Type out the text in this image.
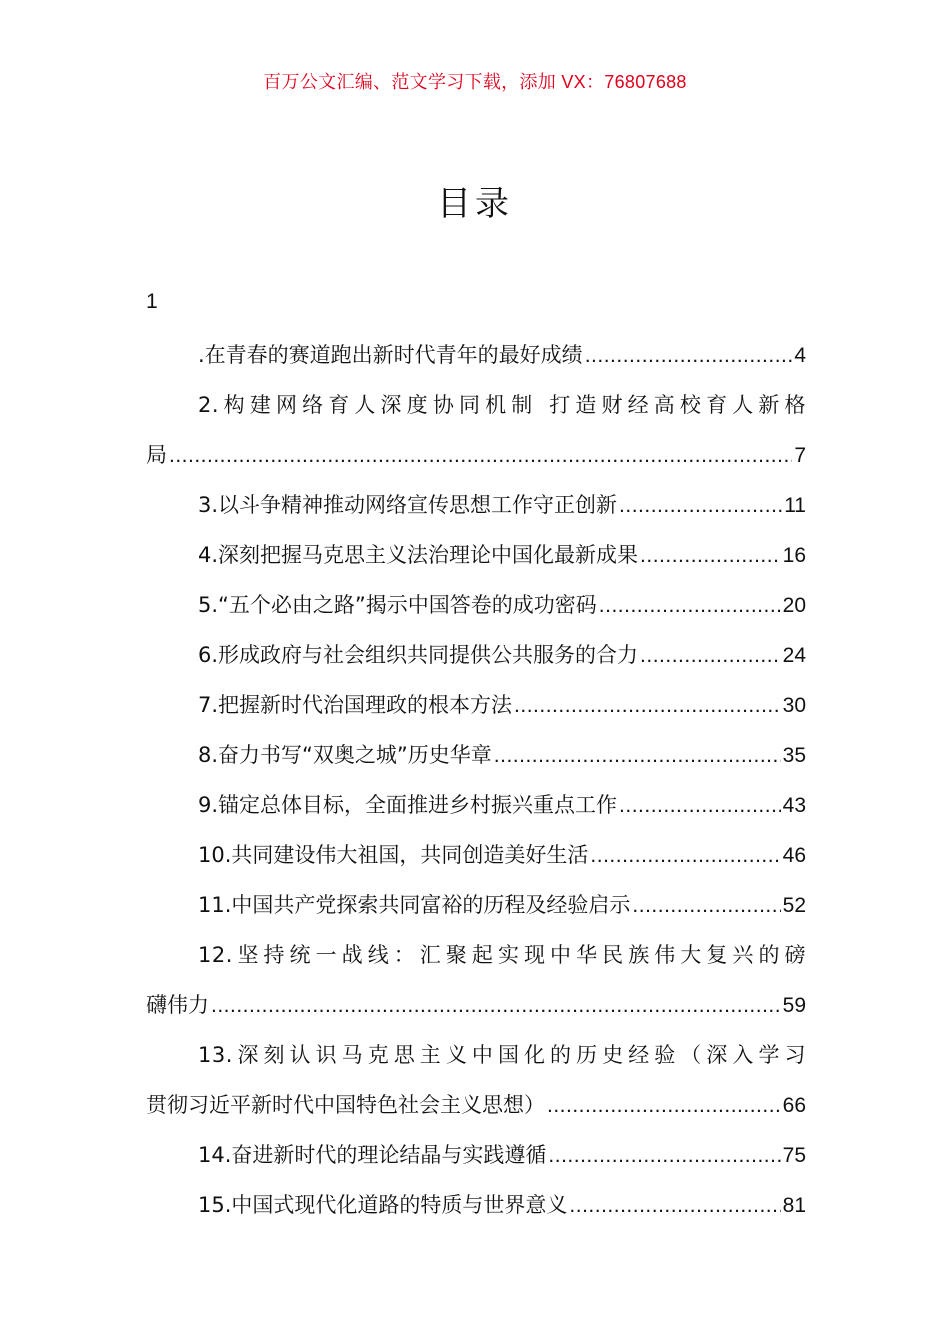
百万公文汇编、范文学习下载，添加 VX：76807688
目录
1
.在青春的赛道跑出新时代青年的最好成绩 .....	4
2.构建网络育人深度协同机制 打造财经高校育人新格
局 .....	7
3.以斗争精神推动网络宣传思想工作守正创新 .....	11
4.深刻把握马克思主义法治理论中国化最新成果 .....	16
5.“五个必由之路”揭示中国答卷的成功密码 .....	20
6.形成政府与社会组织共同提供公共服务的合力 .....	24
7.把握新时代治国理政的根本方法 .....	30
8.奋力书写“双奥之城”历史华章 .....	35
9.锚定总体目标，全面推进乡村振兴重点工作 .....	43
10.共同建设伟大祖国，共同创造美好生活 .....	46
11.中国共产党探索共同富裕的历程及经验启示 .....	52
12.坚持统一战线：汇聚起实现中华民族伟大复兴的磅
礴伟力 .....	59
13.深刻认识马克思主义中国化的历史经验（深入学习
贯彻习近平新时代中国特色社会主义思想） .....	66
14.奋进新时代的理论结晶与实践遵循 .....	75
15.中国式现代化道路的特质与世界意义 .....	81
